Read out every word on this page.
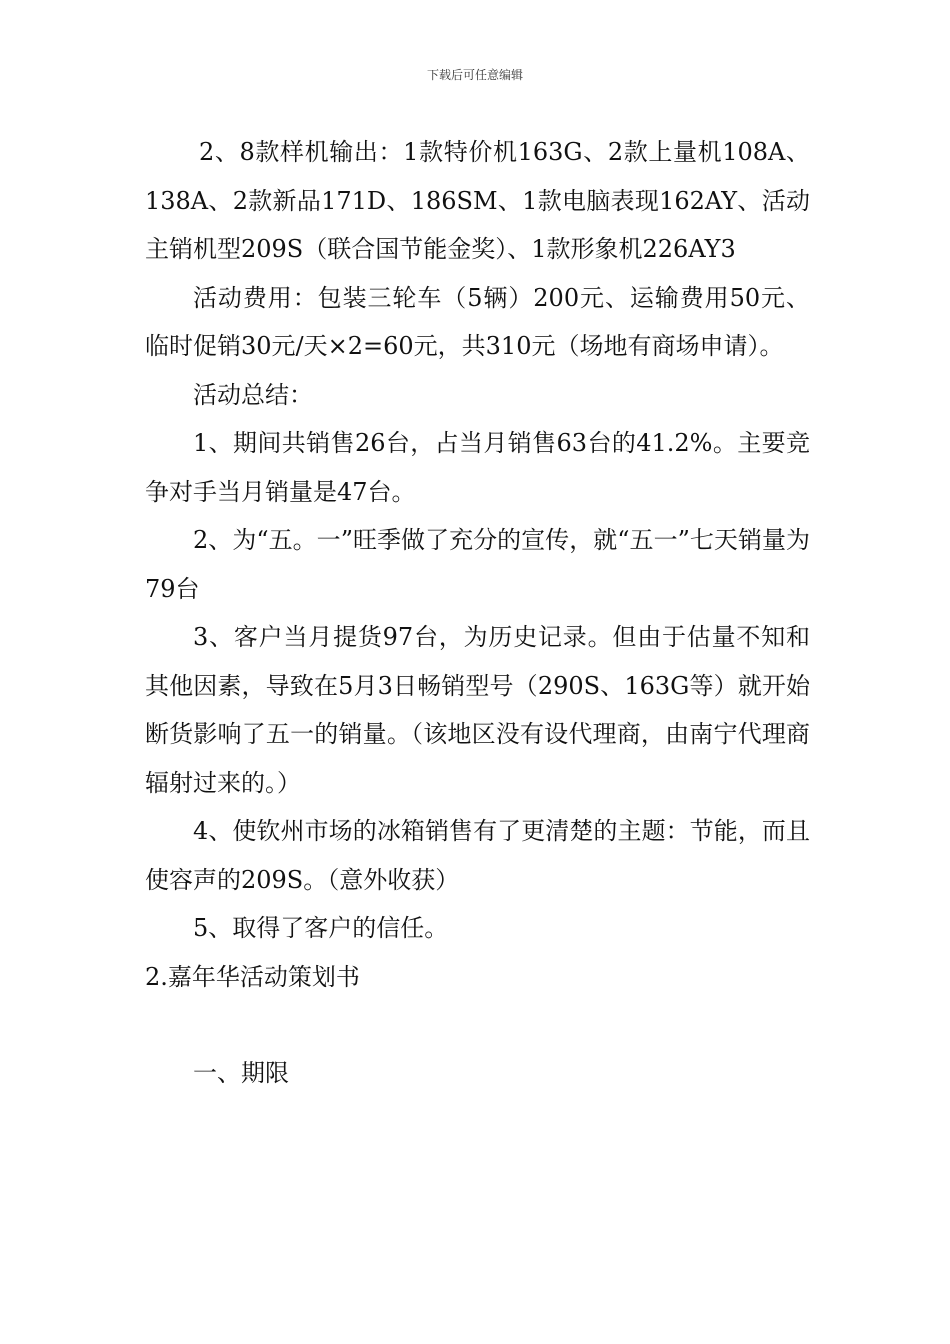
下载后可任意编辑

2、8款样机输出：1款特价机163G、2款上量机108A、138A、2款新品171D、186SM、1款电脑表现162AY、活动主销机型209S（联合国节能金奖）、1款形象机226AY3

活动费用：包装三轮车（5辆）200元、运输费用50元、临时促销30元/天×2=60元，共310元（场地有商场申请）。

活动总结：

1、期间共销售26台，占当月销售63台的41.2%。主要竞争对手当月销量是47台。

2、为“五。一”旺季做了充分的宣传，就“五一”七天销量为79台

3、客户当月提货97台，为历史记录。但由于估量不知和其他因素，导致在5月3日畅销型号（290S、163G等）就开始断货影响了五一的销量。（该地区没有设代理商，由南宁代理商辐射过来的。）

4、使钦州市场的冰箱销售有了更清楚的主题：节能，而且使容声的209S。（意外收获）

5、取得了客户的信任。

2.嘉年华活动策划书

一、期限
